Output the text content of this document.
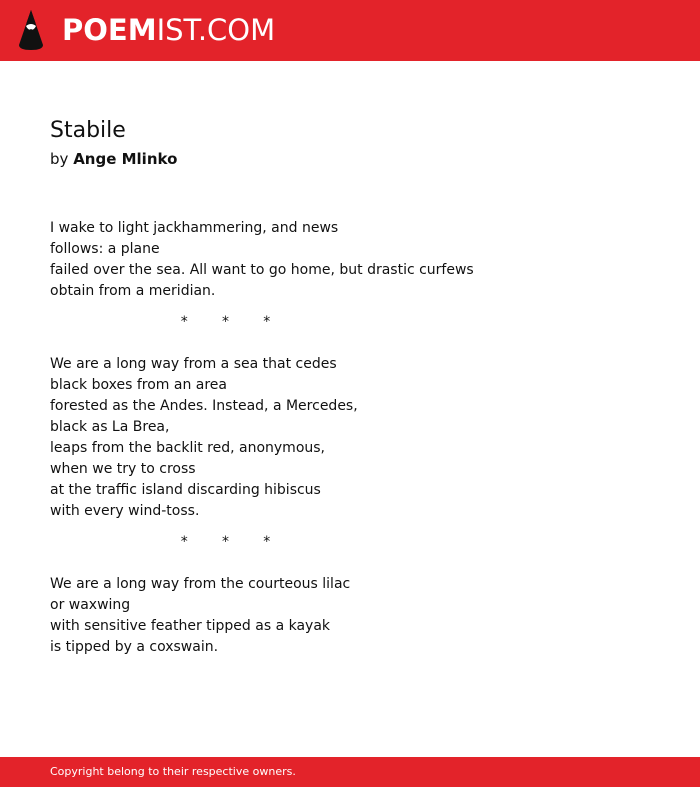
POEMIST.COM
Stabile
by Ange Mlinko
I wake to light jackhammering, and news
follows: a plane
failed over the sea. All want to go home, but drastic curfews
obtain from a meridian.
*     *     *
We are a long way from a sea that cedes
black boxes from an area
forested as the Andes. Instead, a Mercedes,
black as La Brea,
leaps from the backlit red, anonymous,
when we try to cross
at the traffic island discarding hibiscus
with every wind-toss.
*     *     *
We are a long way from the courteous lilac
or waxwing
with sensitive feather tipped as a kayak
is tipped by a coxswain.
Copyright belong to their respective owners.
